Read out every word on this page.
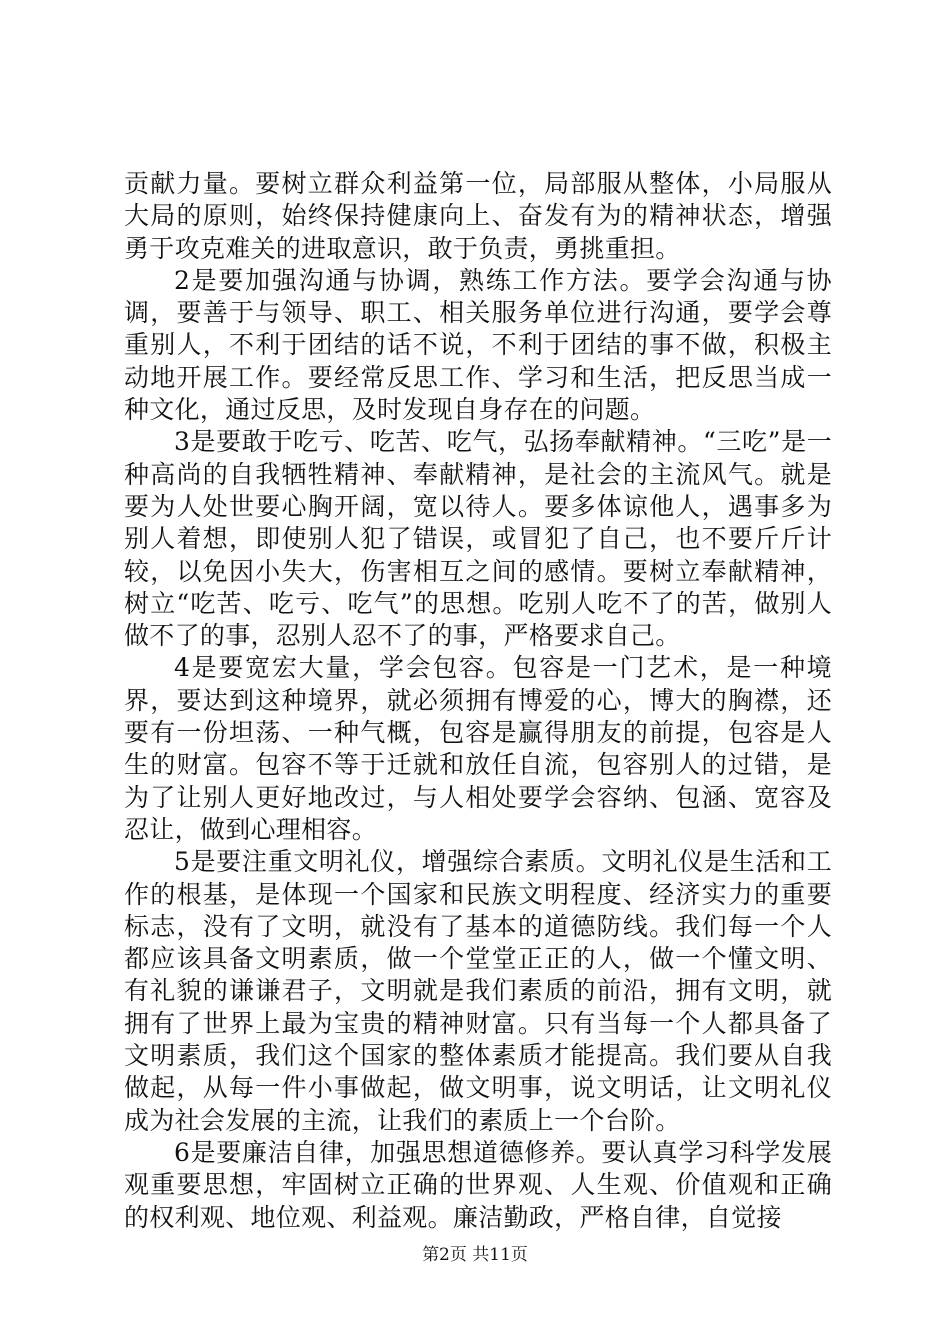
贡献力量。要树立群众利益第一位，局部服从整体，小局服从大局的原则，始终保持健康向上、奋发有为的精神状态，增强勇于攻克难关的进取意识，敢于负责，勇挑重担。

2是要加强沟通与协调，熟练工作方法。要学会沟通与协调，要善于与领导、职工、相关服务单位进行沟通，要学会尊重别人，不利于团结的话不说，不利于团结的事不做，积极主动地开展工作。要经常反思工作、学习和生活，把反思当成一种文化，通过反思，及时发现自身存在的问题。

3是要敢于吃亏、吃苦、吃气，弘扬奉献精神。“三吃”是一种高尚的自我牺牲精神、奉献精神，是社会的主流风气。就是要为人处世要心胸开阔，宽以待人。要多体谅他人，遇事多为别人着想，即使别人犯了错误，或冒犯了自己，也不要斤斤计较，以免因小失大，伤害相互之间的感情。要树立奉献精神，树立“吃苦、吃亏、吃气”的思想。吃别人吃不了的苦，做别人做不了的事，忍别人忍不了的事，严格要求自己。

4是要宽宏大量，学会包容。包容是一门艺术，是一种境界，要达到这种境界，就必须拥有博爱的心，博大的胸襟，还要有一份坦荡、一种气概，包容是赢得朋友的前提，包容是人生的财富。包容不等于迁就和放任自流，包容别人的过错，是为了让别人更好地改过，与人相处要学会容纳、包涵、宽容及忍让，做到心理相容。

5是要注重文明礼仪，增强综合素质。文明礼仪是生活和工作的根基，是体现一个国家和民族文明程度、经济实力的重要标志，没有了文明，就没有了基本的道德防线。我们每一个人都应该具备文明素质，做一个堂堂正正的人，做一个懂文明、有礼貌的谦谦君子，文明就是我们素质的前沿，拥有文明，就拥有了世界上最为宝贵的精神财富。只有当每一个人都具备了文明素质，我们这个国家的整体素质才能提高。我们要从自我做起，从每一件小事做起，做文明事，说文明话，让文明礼仪成为社会发展的主流，让我们的素质上一个台阶。

6是要廉洁自律，加强思想道德修养。要认真学习科学发展观重要思想，牢固树立正确的世界观、人生观、价值观和正确的权利观、地位观、利益观。廉洁勤政，严格自律，自觉接

第2页 共11页
